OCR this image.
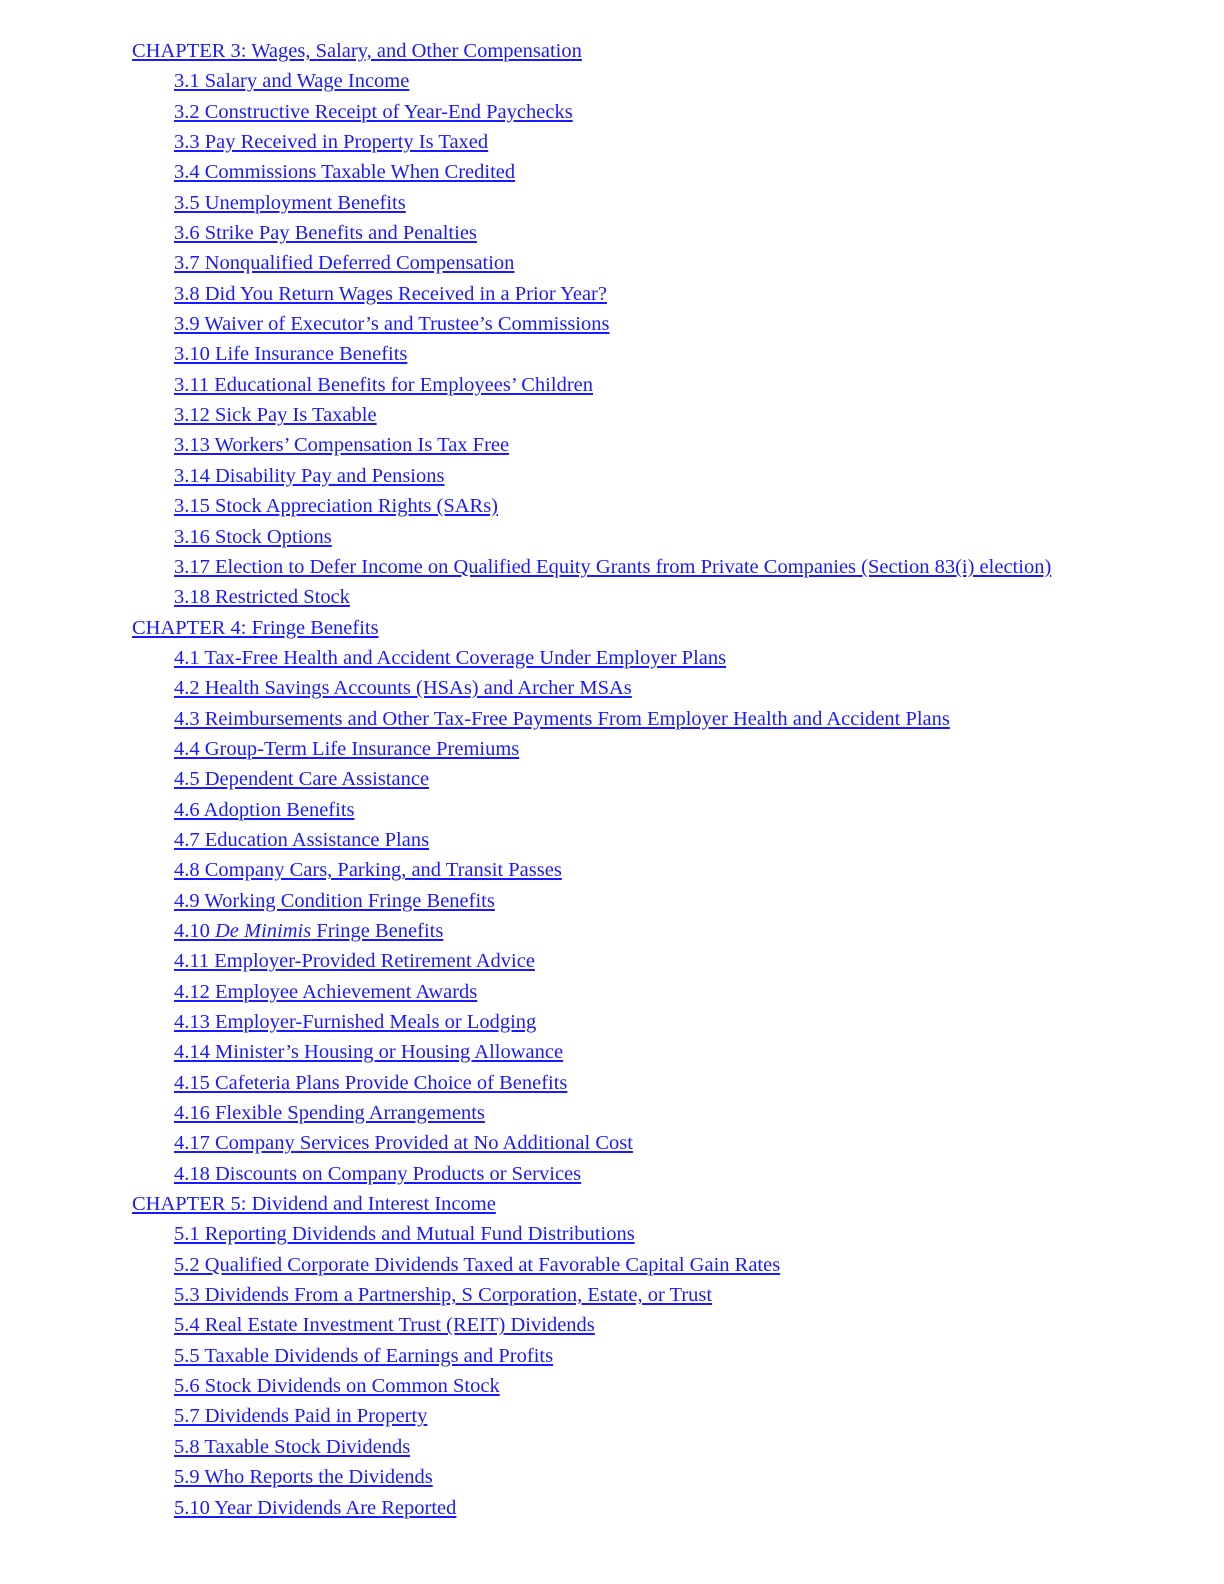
CHAPTER 3: Wages, Salary, and Other Compensation
3.1 Salary and Wage Income
3.2 Constructive Receipt of Year-End Paychecks
3.3 Pay Received in Property Is Taxed
3.4 Commissions Taxable When Credited
3.5 Unemployment Benefits
3.6 Strike Pay Benefits and Penalties
3.7 Nonqualified Deferred Compensation
3.8 Did You Return Wages Received in a Prior Year?
3.9 Waiver of Executor’s and Trustee’s Commissions
3.10 Life Insurance Benefits
3.11 Educational Benefits for Employees’ Children
3.12 Sick Pay Is Taxable
3.13 Workers’ Compensation Is Tax Free
3.14 Disability Pay and Pensions
3.15 Stock Appreciation Rights (SARs)
3.16 Stock Options
3.17 Election to Defer Income on Qualified Equity Grants from Private Companies (Section 83(i) election)
3.18 Restricted Stock
CHAPTER 4: Fringe Benefits
4.1 Tax-Free Health and Accident Coverage Under Employer Plans
4.2 Health Savings Accounts (HSAs) and Archer MSAs
4.3 Reimbursements and Other Tax-Free Payments From Employer Health and Accident Plans
4.4 Group-Term Life Insurance Premiums
4.5 Dependent Care Assistance
4.6 Adoption Benefits
4.7 Education Assistance Plans
4.8 Company Cars, Parking, and Transit Passes
4.9 Working Condition Fringe Benefits
4.10 De Minimis Fringe Benefits
4.11 Employer-Provided Retirement Advice
4.12 Employee Achievement Awards
4.13 Employer-Furnished Meals or Lodging
4.14 Minister’s Housing or Housing Allowance
4.15 Cafeteria Plans Provide Choice of Benefits
4.16 Flexible Spending Arrangements
4.17 Company Services Provided at No Additional Cost
4.18 Discounts on Company Products or Services
CHAPTER 5: Dividend and Interest Income
5.1 Reporting Dividends and Mutual Fund Distributions
5.2 Qualified Corporate Dividends Taxed at Favorable Capital Gain Rates
5.3 Dividends From a Partnership, S Corporation, Estate, or Trust
5.4 Real Estate Investment Trust (REIT) Dividends
5.5 Taxable Dividends of Earnings and Profits
5.6 Stock Dividends on Common Stock
5.7 Dividends Paid in Property
5.8 Taxable Stock Dividends
5.9 Who Reports the Dividends
5.10 Year Dividends Are Reported
